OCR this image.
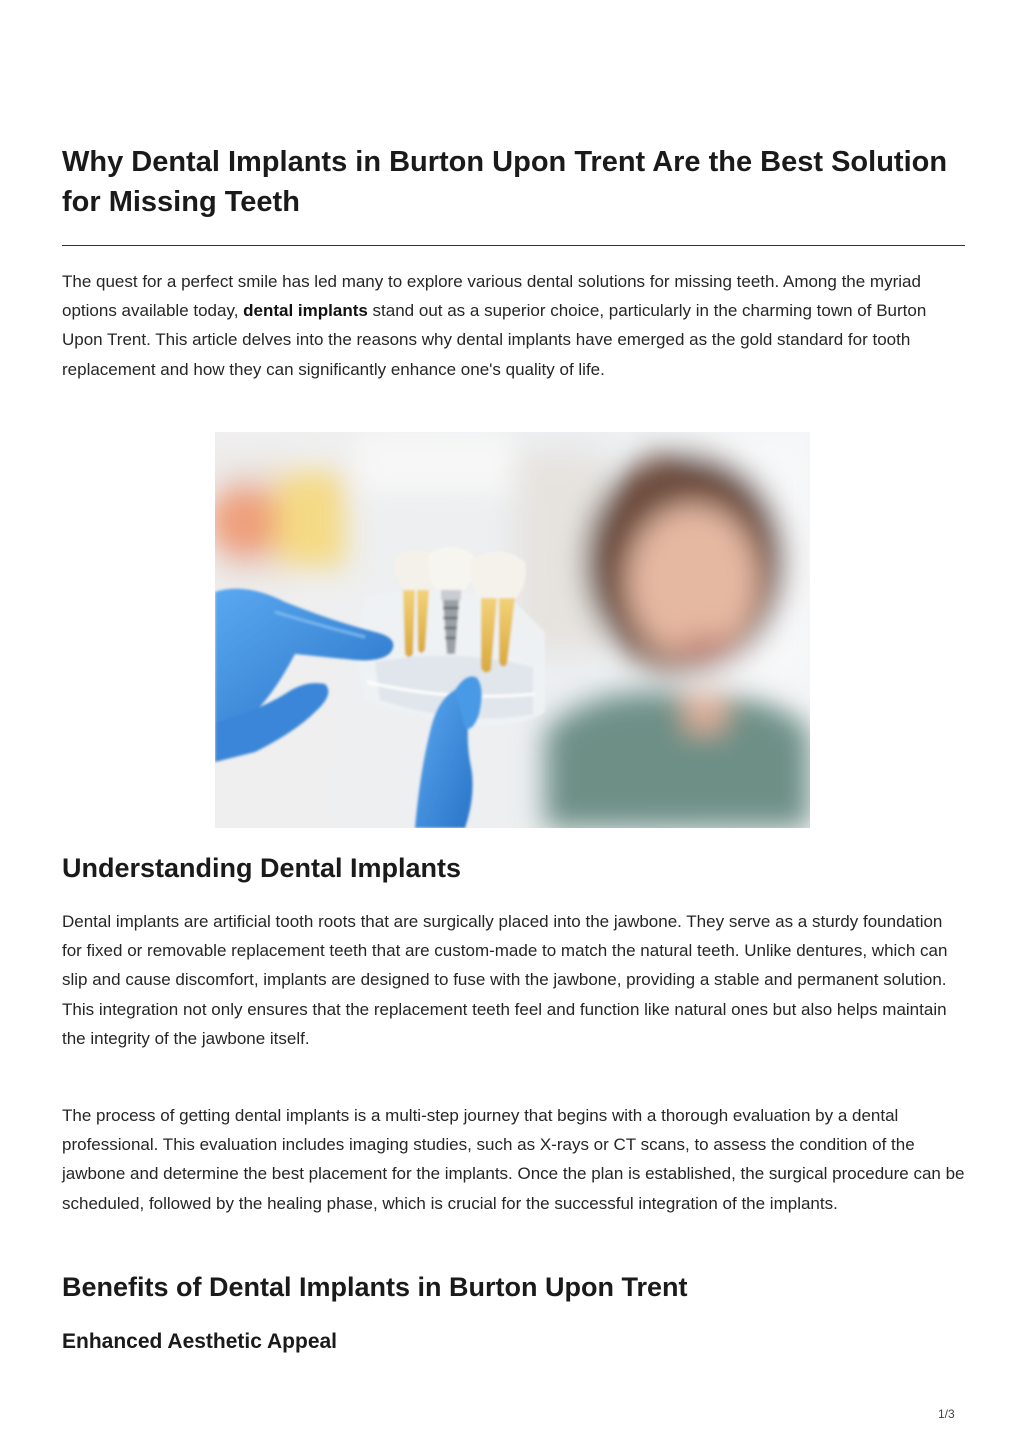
Why Dental Implants in Burton Upon Trent Are the Best Solution for Missing Teeth

The quest for a perfect smile has led many to explore various dental solutions for missing teeth. Among the myriad options available today, dental implants stand out as a superior choice, particularly in the charming town of Burton Upon Trent. This article delves into the reasons why dental implants have emerged as the gold standard for tooth replacement and how they can significantly enhance one's quality of life.

Understanding Dental Implants

Dental implants are artificial tooth roots that are surgically placed into the jawbone. They serve as a sturdy foundation for fixed or removable replacement teeth that are custom-made to match the natural teeth. Unlike dentures, which can slip and cause discomfort, implants are designed to fuse with the jawbone, providing a stable and permanent solution. This integration not only ensures that the replacement teeth feel and function like natural ones but also helps maintain the integrity of the jawbone itself.

The process of getting dental implants is a multi-step journey that begins with a thorough evaluation by a dental professional. This evaluation includes imaging studies, such as X-rays or CT scans, to assess the condition of the jawbone and determine the best placement for the implants. Once the plan is established, the surgical procedure can be scheduled, followed by the healing phase, which is crucial for the successful integration of the implants.

Benefits of Dental Implants in Burton Upon Trent
Enhanced Aesthetic Appeal
1/3
